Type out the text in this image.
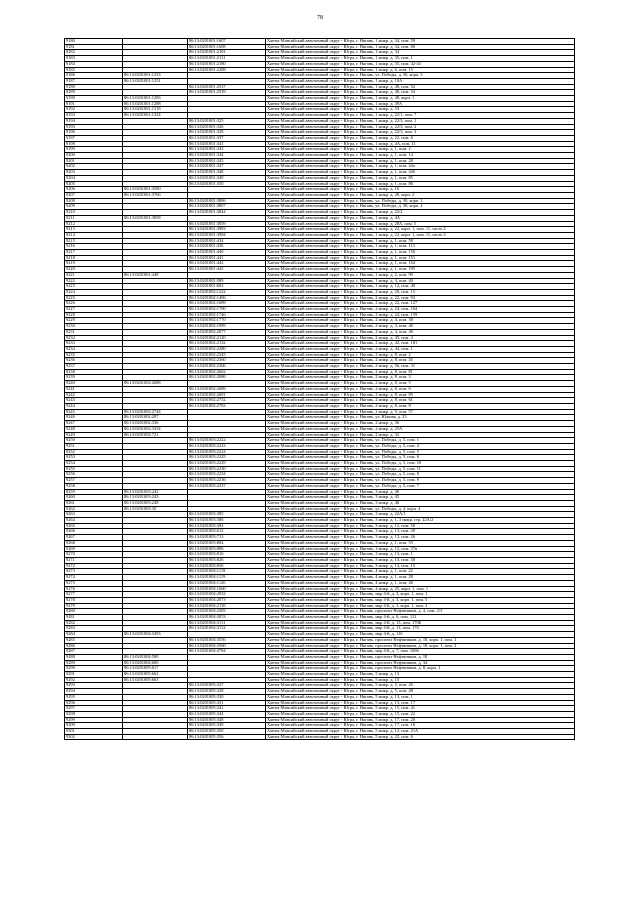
78
9180		86:13:0201001:1607	Ханты-Мансийский автономный округ - Югра, г. Нягань, 1 микр. д. 34, пом. 59
9181		86:13:0201001:1608	Ханты-Мансийский автономный округ - Югра, г. Нягань, 1 микр. д. 34, пом. 60
9182		86:13:0201001:2101	Ханты-Мансийский автономный округ - Югра, г. Нягань, 1 микр. д. 34
9183		86:13:0201001:2111	Ханты-Мансийский автономный округ - Югра, г. Нягань, 1 микр. д. 35, пом. 1
9184		86:13:0201001:2180	Ханты-Мансийский автономный округ - Югра, г. Нягань, 1 микр. д. 35, пом. 42-43
9185		86:13:0201001:2288	Ханты-Мансийский автономный округ - Югра, г. Нягань, 1 микр. д. 6, пом. 15
9186	86:13:0201001:1233		Ханты-Мансийский автономный округ - Югра, г. Нягань, ул. Победы, д. 30, корп. 3
9187	86:13:0201001:1251		Ханты-Мансийский автономный округ - Югра, г. Нягань, 1 микр. д. 10А
9188		86:13:0201001:2537	Ханты-Мансийский автономный округ - Югра, г. Нягань, 1 микр. д. 48, пом. 52
9189		86:13:0201001:2539	Ханты-Мансийский автономный округ - Югра, г. Нягань, 1 микр. д. 48, пом. 54
9190	86:13:0201001:1283		Ханты-Мансийский автономный округ - Югра, г. Нягань, 1 микр. д. 48, корп. 1
9191	86:13:0201001:1288		Ханты-Мансийский автономный округ - Югра, г. Нягань, 1 микр. д. 49А
9192	86:13:0201001:1318		Ханты-Мансийский автономный округ - Югра, г. Нягань, 1 микр. д. 53
9193	86:13:0201001:1324		Ханты-Мансийский автономный округ - Югра, г. Нягань, 1 микр. д. 22/1, пом. 7
9194		86:13:0201001:325	Ханты-Мансийский автономный округ - Югра, г. Нягань, 1 микр. д. 22/3, пом. 1
9195		86:13:0201001:326	Ханты-Мансийский автономный округ - Югра, г. Нягань, 1 микр. д. 22/3, пом. 2
9196		86:13:0201001:328	Ханты-Мансийский автономный округ - Югра, г. Нягань, 1 микр. д. 22/3, пом. 3
9197		86:13:0201001:337	Ханты-Мансийский автономный округ - Югра, г. Нягань, 1 микр. д. 22, пом. 6
9198		86:13:0201001:341	Ханты-Мансийский автономный округ - Югра, г. Нягань, 1 микр. д. 4А, пом. 11
9199		86:13:0201001:343	Ханты-Мансийский автономный округ - Югра, г. Нягань, 1 микр. д. 1, пом. 2
9200		86:13:0201001:344	Ханты-Мансийский автономный округ - Югра, г. Нягань, 1 микр. д. 1, пом. 14
9201		86:13:0201001:345	Ханты-Мансийский автономный округ - Югра, г. Нягань, 1 микр. д. 1, пом. 28
9202		86:13:0201001:347	Ханты-Мансийский автономный округ - Югра, г. Нягань, 1 микр. д. 1, пом. 44а
9203		86:13:0201001:348	Ханты-Мансийский автономный округ - Югра, г. Нягань, 1 микр. д. 1, пом. 44б
9204		86:13:0201001:349	Ханты-Мансийский автономный округ - Югра, г. Нягань, 1 микр. д. 1, пом. 85
9205		86:13:0201001:350	Ханты-Мансийский автономный округ - Югра, г. Нягань, 1 микр. д. 1, пом. 86
9206	86:13:0201001:3580		Ханты-Мансийский автономный округ - Югра, г. Нягань, 1 микр. д. 16
9207	86:13:0201001:3766		Ханты-Мансийский автономный округ - Югра, г. Нягань, 1 микр. д. 28, корп. 2
9208		86:13:0201001:3806	Ханты-Мансийский автономный округ - Югра, г. Нягань, ул. Победы, д. 30, корп. 1
9209		86:13:0201001:3807	Ханты-Мансийский автономный округ - Югра, г. Нягань, ул. Победы, д. 30, корп. 2
9210		86:13:0201001:3844	Ханты-Мансийский автономный округ - Югра, г. Нягань, 1 микр. д. 22/2
9211	86:13:0201001:3858		Ханты-Мансийский автономный округ - Югра, г. Нягань, 1 микр. д. 4А
9212		86:13:0201001:3859	Ханты-Мансийский автономный округ - Югра, г. Нягань, 1 микр. д. 28А, пом. 5
9213		86:13:0201001:3983	Ханты-Мансийский автономный округ - Югра, г. Нягань, 1 микр. д. 22, корп. 1, пом. 11, часть 2
9214		86:13:0201001:3984	Ханты-Мансийский автономный округ - Югра, г. Нягань, 1 микр. д. 22, корп. 1, пом. 11, часть 3
9215		86:13:0201001:434	Ханты-Мансийский автономный округ - Югра, г. Нягань, 1 микр. д. 1, пом. 58
9216		86:13:0201001:436	Ханты-Мансийский автономный округ - Югра, г. Нягань, 1 микр. д. 1, пом. 113
9217		86:13:0201001:440	Ханты-Мансийский автономный округ - Югра, г. Нягань, 1 микр. д. 1, пом. 150
9218		86:13:0201001:441	Ханты-Мансийский автономный округ - Югра, г. Нягань, 1 микр. д. 1, пом. 151
9219		86:13:0201001:442	Ханты-Мансийский автономный округ - Югра, г. Нягань, 1 микр. д. 1, пом. 164
9220		86:13:0201001:443	Ханты-Мансийский автономный округ - Югра, г. Нягань, 1 микр. д. 1, пом. 195
9221	86:13:0201001:448		Ханты-Мансийский автономный округ - Югра, г. Нягань, 1 микр. д. 2, пом. 99
9222		86:13:0201001:589	Ханты-Мансийский автономный округ - Югра, г. Нягань, 1 микр. д. 4, пом. 40
9223		86:13:0201001:602	Ханты-Мансийский автономный округ - Югра, г. Нягань, 1 микр. д. 12, пом. 40
9224		86:13:0201002:1222	Ханты-Мансийский автономный округ - Югра, г. Нягань, 2 микр. д. 20, пом. 15
9225		86:13:0201002:1496	Ханты-Мансийский автономный округ - Югра, г. Нягань, 2 микр. д. 22, пом. 93
9226		86:13:0201002:1689	Ханты-Мансийский автономный округ - Югра, г. Нягань, 2 микр. д. 22, пом. 127
9227		86:13:0201002:1700	Ханты-Мансийский автономный округ - Югра, г. Нягань, 2 микр. д. 24, пом. 164
9228		86:13:0201002:1746	Ханты-Мансийский автономный округ - Югра, г. Нягань, 2 микр. д. 24, пом. 159
9229		86:13:0201002:1770	Ханты-Мансийский автономный округ - Югра, г. Нягань, 2 микр. д. 4, пом. 38
9230		86:13:0201002:1989	Ханты-Мансийский автономный округ - Югра, г. Нягань, 2 микр. д. 3, пом. 46
9231		86:13:0201002:2077	Ханты-Мансийский автономный округ - Югра, г. Нягань, 2 микр. д. 4, пом. 48
9232		86:13:0201002:2120	Ханты-Мансийский автономный округ - Югра, г. Нягань, 2 микр. д. 45, пом. 3
9233		86:13:0201002:2132	Ханты-Мансийский автономный округ - Югра, г. Нягань, 2 микр. д. 42, пом. 181
9234		86:13:0201002:2280	Ханты-Мансийский автономный округ - Югра, г. Нягань, 2 микр. д. 44, пом. 1
9235		86:13:0201002:2345	Ханты-Мансийский автономный округ - Югра, г. Нягань, 2 микр. д. 8, пом. 2
9236		86:13:0201002:2360	Ханты-Мансийский автономный округ - Югра, г. Нягань, 2 микр. д. 8, пом. 45
9237		86:13:0201002:2366	Ханты-Мансийский автономный округ - Югра, г. Нягань, 2 микр. д. 56, пом. 31
9238		86:13:0201002:2662	Ханты-Мансийский автономный округ - Югра, г. Нягань, 2 микр. д. 8, пом. 81
9239		86:13:0201002:2686	Ханты-Мансийский автономный округ - Югра, г. Нягань, 2 микр. д. 8, пом. 3
9240	86:13:0201002:2688		Ханты-Мансийский автономный округ - Югра, г. Нягань, 2 микр. д. 8, пом. 5
9241		86:13:0201002:2689	Ханты-Мансийский автономный округ - Югра, г. Нягань, 2 микр. д. 8, пом. 6
9242		86:13:0201002:2691	Ханты-Мансийский автономный округ - Югра, г. Нягань, 2 микр. д. 8, пом. 85
9243		86:13:0201002:2752	Ханты-Мансийский автономный округ - Югра, г. Нягань, 2 микр. д. 8, пом. 61
9244		86:13:0201002:2763	Ханты-Мансийский автономный округ - Югра, г. Нягань, 2 микр. д. 8, пом. 8
9245	86:13:0201002:2744		Ханты-Мансийский автономный округ - Югра, г. Нягань, 2 микр. д. 9, пом. 57
9246	86:13:0201002:287		Ханты-Мансийский автономный округ - Югра, г. Нягань, ул. Южная, д. 23
9247	86:13:0201002:336		Ханты-Мансийский автономный округ - Югра, г. Нягань, 2 микр. д. 36
9248	86:13:0201002:3354		Ханты-Мансийский автономный округ - Югра, г. Нягань, 2 микр. д. 25А
9249	86:13:0201002:721		Ханты-Мансийский автономный округ - Югра, г. Нягань, 2 микр. д. 32
9250		86:13:0201003:2222	Ханты-Мансийский автономный округ - Югра, г. Нягань, ул. Победы, д. 5, пом. 1
9251		86:13:0201003:2223	Ханты-Мансийский автономный округ - Югра, г. Нягань, ул. Победы, д. 5, пом. 4
9252		86:13:0201003:2224	Ханты-Мансийский автономный округ - Югра, г. Нягань, ул. Победы, д. 5, пом. 5
9253		86:13:0201003:2225	Ханты-Мансийский автономный округ - Югра, г. Нягань, ул. Победы, д. 5, пом. 6
9254		86:13:0201003:2229	Ханты-Мансийский автономный округ - Югра, г. Нягань, ул. Победы, д. 5, пом. 10
9255		86:13:0201003:2230	Ханты-Мансийский автономный округ - Югра, г. Нягань, ул. Победы, д. 5, пом. 11
9256		86:13:0201003:2234	Ханты-Мансийский автономный округ - Югра, г. Нягань, ул. Победы, д. 5, пом. 8
9257		86:13:0201003:2236	Ханты-Мансийский автономный округ - Югра, г. Нягань, ул. Победы, д. 5, пом. 9
9258		86:13:0201003:2237	Ханты-Мансийский автономный округ - Югра, г. Нягань, ул. Победы, д. 5, пом. 7
9259	86:13:0201003:242		Ханты-Мансийский автономный округ - Югра, г. Нягань, 3 микр. д. 40
9260	86:13:0201003:243		Ханты-Мансийский автономный округ - Югра, г. Нягань, 3 микр. д. 45
9261	86:13:0201003:248		Ханты-Мансийский автономный округ - Югра, г. Нягань, 3 микр. д. 46
9262	86:13:0201003:30		Ханты-Мансийский автономный округ - Югра, г. Нягань, ул. Победы, д. 4, корп. 4
9263		86:13:0201003:385	Ханты-Мансийский автономный округ - Югра, г. Нягань, 3 микр. д. 22А/1
9264		86:13:0201003:386	Ханты-Мансийский автономный округ - Югра, г. Нягань, 3 микр. д. 1, 3 микр. стр. 22А/2
9265		86:13:0201003:394	Ханты-Мансийский автономный округ - Югра, г. Нягань, 3 микр. д. 12, пом. 50
9266		86:13:0201003:612	Ханты-Мансийский автономный округ - Югра, г. Нягань, 3 микр. д. 13, пом. 28
9267		86:13:0201003:713	Ханты-Мансийский автономный округ - Югра, г. Нягань, 3 микр. д. 13, пом. 26
9268		86:13:0201003:804	Ханты-Мансийский автономный округ - Югра, г. Нягань, 3 микр. д. 1, пом. 55
9269		86:13:0201003:806	Ханты-Мансийский автономный округ - Югра, г. Нягань, 3 микр. д. 12, пом. 37в
9270		86:13:0201003:816	Ханты-Мансийский автономный округ - Югра, г. Нягань, 3 микр. д. 13, пом. 1
9271		86:13:0201003:826	Ханты-Мансийский автономный округ - Югра, г. Нягань, 3 микр. д. 13, пом. 58
9272		86:13:0201003:836	Ханты-Мансийский автономный округ - Югра, г. Нягань, 3 микр. д. 14, пом. 15
9273		86:13:0201004:1118	Ханты-Мансийский автономный округ - Югра, г. Нягань, 4 микр. д. 1, пом. 22
9274		86:13:0201004:1119	Ханты-Мансийский автономный округ - Югра, г. Нягань, 4 микр. д. 1, пом. 28
9275		86:13:0201004:1120	Ханты-Мансийский автономный округ - Югра, г. Нягань, 4 микр. д. 1, пом. 46
9276		86:13:0201004:1660	Ханты-Мансийский автономный округ - Югра, г. Нягань, 4 микр. д. 25, корп. 1, пом. 1
9277		86:13:0201004:2032	Ханты-Мансийский автономный округ - Югра, г. Нягань, мкр 4-й, д. 3, корп. 1, пом. 1
9278		86:13:0201004:2073	Ханты-Мансийский автономный округ - Югра, г. Нягань, мкр 4-й, д. 3, корп. 1, пом. 5
9279		86:13:0201004:2110	Ханты-Мансийский автономный округ - Югра, г. Нягань, мкр 4-й, д. 3, корп. 1, пом. 2
9280		86:13:0201004:2305	Ханты-Мансийский автономный округ - Югра, г. Нягань, проспект Нефтяников, д. 4, пом. 2/3
9281		86:13:0201004:3053	Ханты-Мансийский автономный округ - Югра, г. Нягань, мкр 4-й, д. 6, пом. 121
9282		86:13:0201004:3111	Ханты-Мансийский автономный округ - Югра, г. Нягань, мкр 4-й, д. 13, пом. 170Б
9283		86:13:0201004:3112	Ханты-Мансийский автономный округ - Югра, г. Нягань, мкр 4-й, д. 13, пом. 170
9284	86:13:0201004:3493		Ханты-Мансийский автономный округ - Югра, г. Нягань, мкр 4-й, д. 11б
9285		86:13:0201004:3556	Ханты-Мансийский автономный округ - Югра, г. Нягань, проспект Нефтяников, д. 18, корп. 1, пом. 1
9286		86:13:0201004:3560	Ханты-Мансийский автономный округ - Югра, г. Нягань, проспект Нефтяников, д. 18, корп. 1, пом. 2
9287		86:13:0201004:3784	Ханты-Мансийский автономный округ - Югра, г. Нягань, мкр 4-й, д. 7, пом. 1006
9288	86:13:0201004:580		Ханты-Мансийский автономный округ - Югра, г. Нягань, проспект Нефтяников, д. 18
9289	86:13:0201004:606		Ханты-Мансийский автономный округ - Югра, г. Нягань, проспект Нефтяников, д. 34
9290	86:13:0201005:617		Ханты-Мансийский автономный округ - Югра, г. Нягань, проспект Нефтяников, д. 8, корп. 1
9291	86:13:0201005:662		Ханты-Мансийский автономный округ - Югра, г. Нягань, 5 микр. д. 13
9292	86:13:0201005:663		Ханты-Мансийский автономный округ - Югра, г. Нягань, 5 микр. д. 15
9293		86:13:0201005:327	Ханты-Мансийский автономный округ - Югра, г. Нягань, 5 микр. д. 5, пом. 26
9294		86:13:0201005:328	Ханты-Мансийский автономный округ - Югра, г. Нягань, 5 микр. д. 5, пом. 48
9295		86:13:0201005:330	Ханты-Мансийский автономный округ - Югра, г. Нягань, 5 микр. д. 13, пом. 1
9296		86:13:0201005:331	Ханты-Мансийский автономный округ - Югра, г. Нягань, 5 микр. д. 13, пом. 17
9297		86:13:0201005:341	Ханты-Мансийский автономный округ - Югра, г. Нягань, 5 микр. д. 15, пом. 41
9298		86:13:0201005:344	Ханты-Мансийский автономный округ - Югра, г. Нягань, 5 микр. д. 15, пом. 22
9299		86:13:0201005:348	Ханты-Мансийский автономный округ - Югра, г. Нягань, 5 микр. д. 17, пом. 20
9300		86:13:0201005:349	Ханты-Мансийский автономный округ - Югра, г. Нягань, 5 микр. д. 17, пом. 16
9301		86:13:0201005:350	Ханты-Мансийский автономный округ - Югра, г. Нягань, 5 микр. д. 12, пом. 21А
9302		86:13:0201005:356	Ханты-Мансийский автономный округ - Югра, г. Нягань, 5 микр. д. 22, пом. 6
